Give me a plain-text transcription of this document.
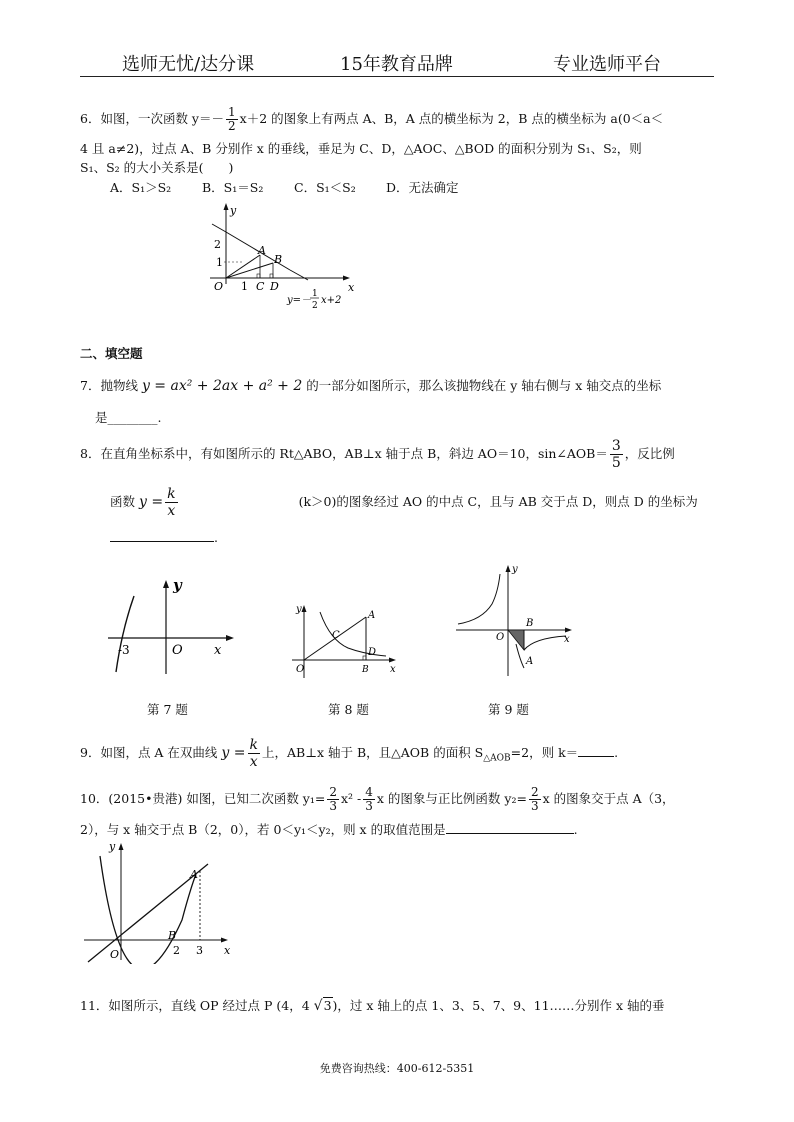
选师无忧/达分课	15年教育品牌	专业选师平台
6．如图，一次函数 $y=- \frac{1}{2} x+2$ 的图象上有两点 A、B，A 点的横坐标为 2，B 点的横坐标为 a(0＜a＜
4 且 a≠2)，过点 A、B 分别作 x 的垂线，垂足为 C、D，△AOC、△BOD 的面积分别为 S₁、S₂，则
S₁、S₂ 的大小关系是(　　)
A．S₁＞S₂ B．S₁＝S₂ C．S₁＜S₂ D．无法确定
y
x
O
2
1
1
A
B
C D
y=－
1
2 x+2
二、填空题
7．抛物线 y = ax² + 2ax + a² + 2 的一部分如图所示，那么该抛物线在 y 轴右侧与 x 轴交点的坐标
是________.
8．在直角坐标系中，有如图所示的 Rt△ABO，AB⊥x 轴于点 B，斜边 AO＝10，sin∠AOB＝ $\frac{3}{5}$ ，反比例
函数 $y = \frac{k}{x}$	(k＞0)的图象经过 AO 的中点 C，且与 AB 交于点 D，则点 D 的坐标为
.
y
x
O
-3
第 7 题
y
x
O
A
B
C
D
第 8 题
y
x
O
A
B
第 9 题
9．如图，点 A 在双曲线 $y = \frac{k}{x}$ 上，AB⊥x 轴于 B，且△AOB 的面积 $S_{\triangle AOB}=2$，则 k＝	.
10．(2015•贵港) 如图，已知二次函数 $y_1= \frac{2}{3} x^2 - \frac{4}{3}$ x 的图象与正比例函数 $y_2= \frac{2}{3}$ x 的图象交于点 A（3，
2），与 x 轴交于点 B（2，0），若 0＜y₁＜y₂，则 x 的取值范围是	.
y
x
O
A
B
2 3
11．如图所示，直线 OP 经过点 P (4，4 √3)，过 x 轴上的点 1、3、5、7、9、11……分别作 x 轴的垂
免费咨询热线：400-612-5351
